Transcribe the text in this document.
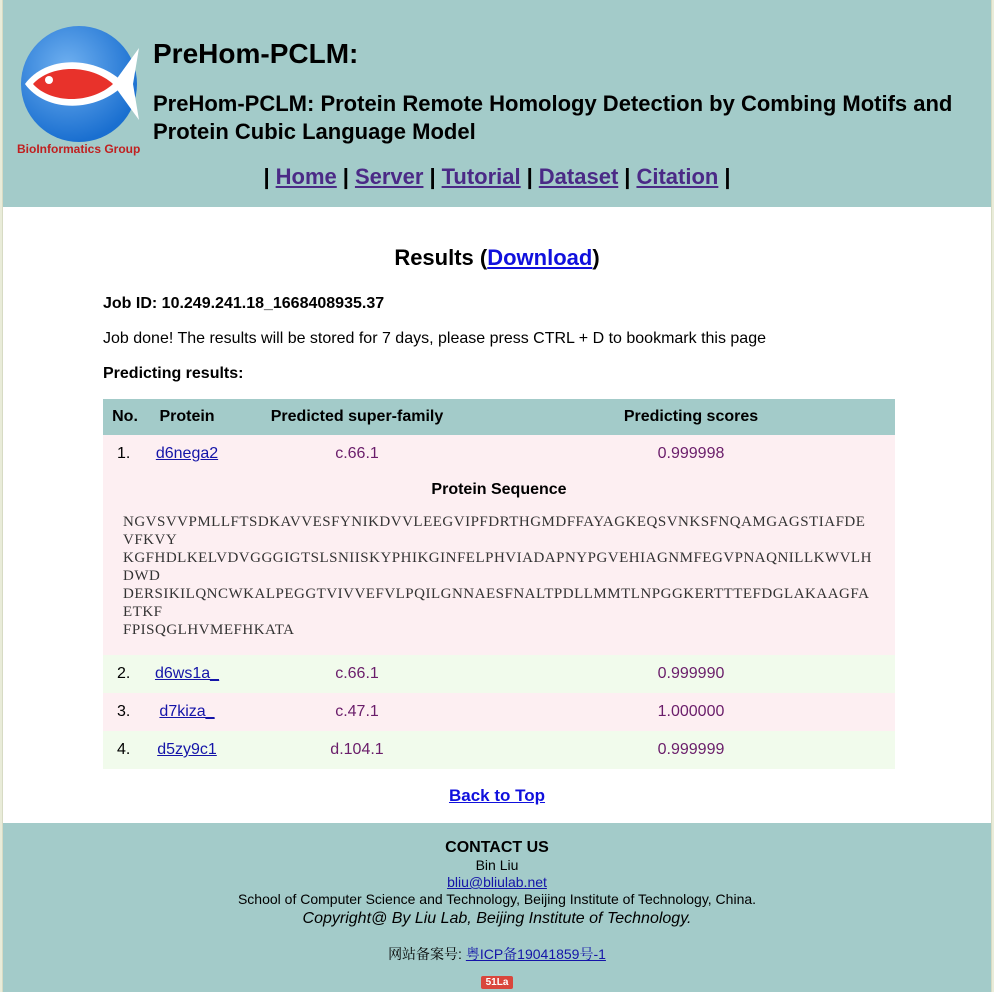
BioInformatics Group
PreHom-PCLM:
PreHom-PCLM: Protein Remote Homology Detection by Combing Motifs and Protein Cubic Language Model
| Home | Server | Tutorial | Dataset | Citation |
Results (Download)
Job ID: 10.249.241.18_1668408935.37
Job done! The results will be stored for 7 days, please press CTRL + D to bookmark this page
Predicting results:
No.	Protein	Predicted super-family	Predicting scores
1.	d6nega2	c.66.1	0.999998

Protein Sequence
NGVSVVPMLLFTSDKAVVESFYNIKDVVLEEGVIPFDRTHGMDFFAYAGKEQSVNKSFNQAMGAGSTIAFDEVFKVY
KGFHDLKELVDVGGGIGTSLSNIISKYPHIKGINFELPHVIADAPNYPGVEHIAGNMFEGVPNAQNILLKWVLHDWD
DERSIKILQNCWKALPEGGTVIVVEFVLPQILGNNAESFNALTPDLLMMTLNPGGKERTTTEFDGLAKAAGFAETKF
FPISQGLHVMEFHKATA			

2.	d6ws1a_	c.66.1	0.999990
3.	d7kiza_	c.47.1	1.000000
4.	d5zy9c1	d.104.1	0.999999
Back to Top
CONTACT US
Bin Liu
bliu@bliulab.net
School of Computer Science and Technology, Beijing Institute of Technology, China.
Copyright@ By Liu Lab, Beijing Institute of Technology.
网站备案号: 粤ICP备19041859号-1
51La
